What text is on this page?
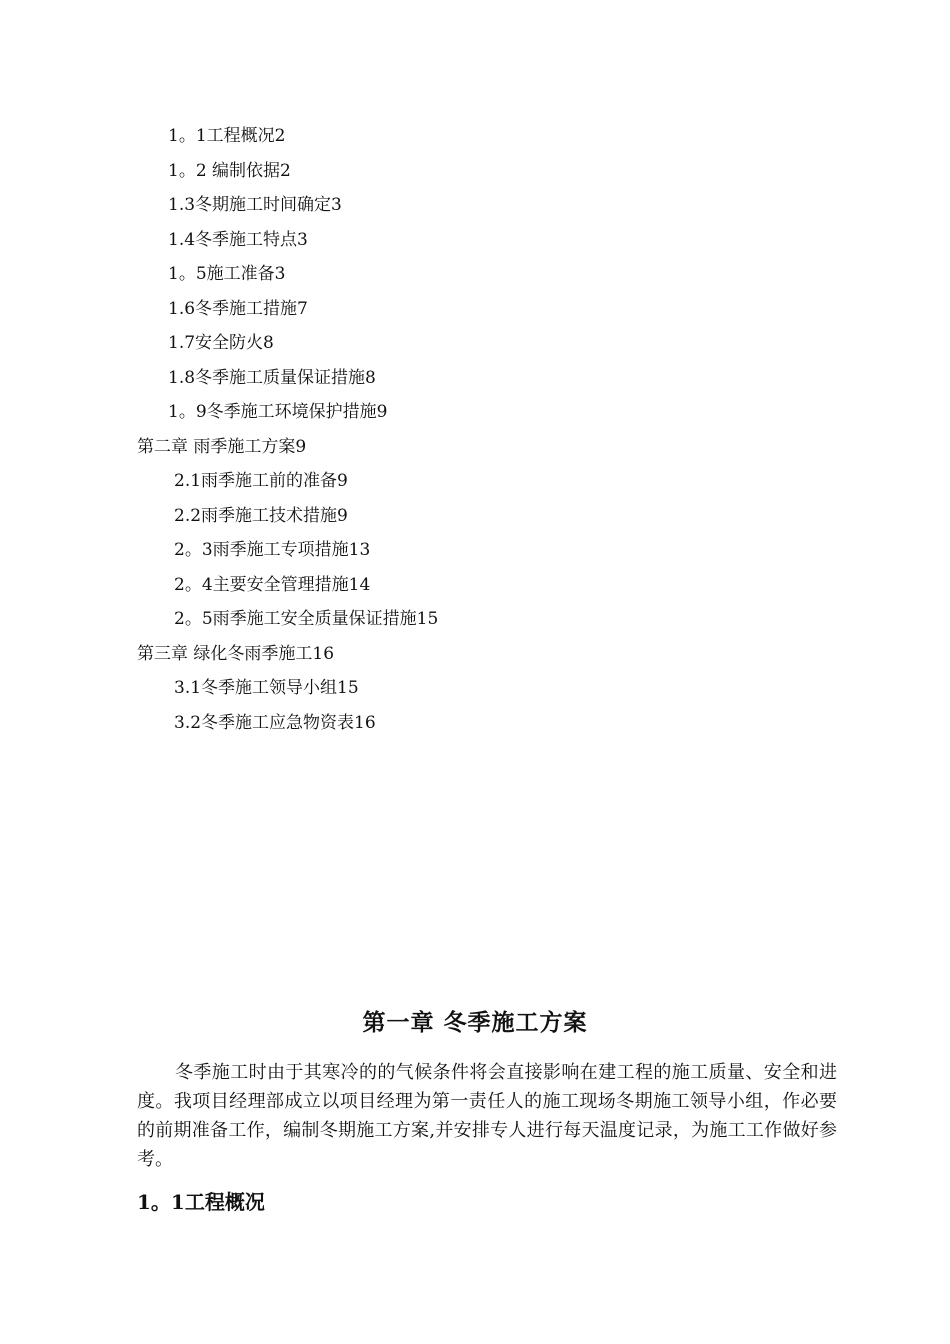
1。1工程概况2
1。2 编制依据2
1.3冬期施工时间确定3
1.4冬季施工特点3
1。5施工准备3
1.6冬季施工措施7
1.7安全防火8
1.8冬季施工质量保证措施8
1。9冬季施工环境保护措施9
第二章 雨季施工方案9
2.1雨季施工前的准备9
2.2雨季施工技术措施9
2。3雨季施工专项措施13
2。4主要安全管理措施14
2。5雨季施工安全质量保证措施15
第三章 绿化冬雨季施工16
3.1冬季施工领导小组15
3.2冬季施工应急物资表16
第一章 冬季施工方案

冬季施工时由于其寒冷的的气候条件将会直接影响在建工程的施工质量、安全和进度。我项目经理部成立以项目经理为第一责任人的施工现场冬期施工领导小组，作必要的前期准备工作，编制冬期施工方案,并安排专人进行每天温度记录，为施工工作做好参考。

1。1工程概况
